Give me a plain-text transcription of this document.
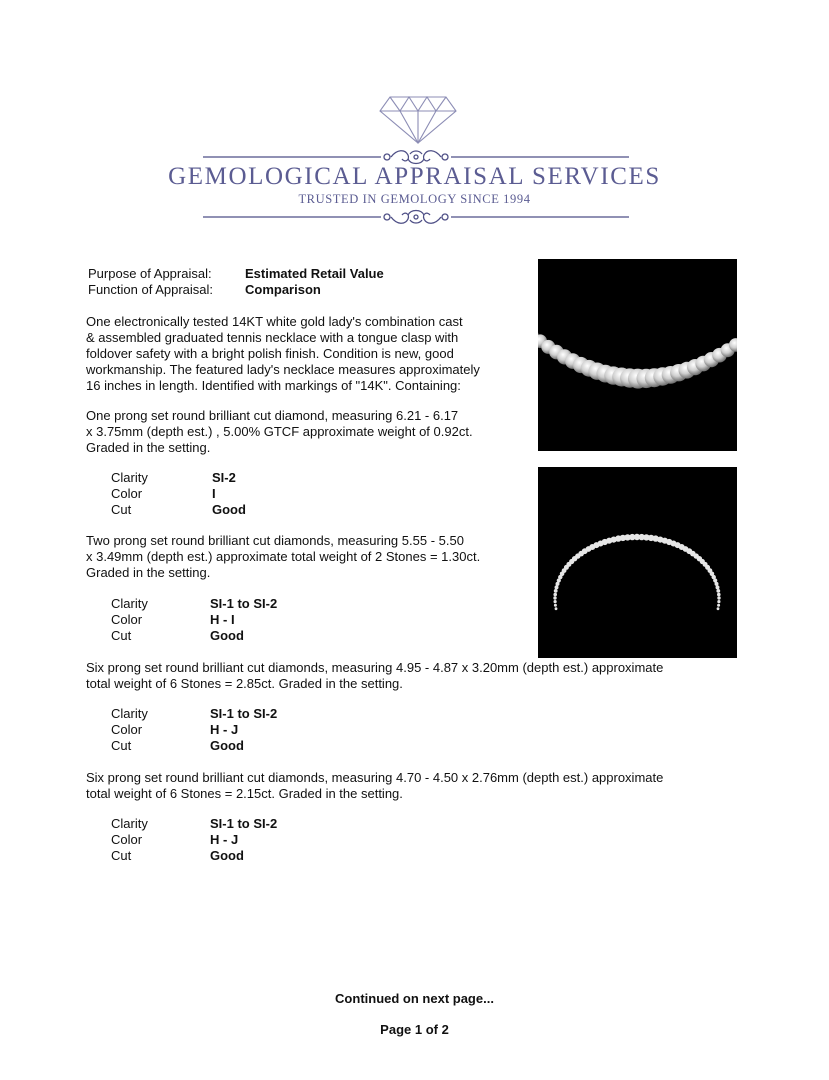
GEMOLOGICAL APPRAISAL SERVICES
TRUSTED IN GEMOLOGY SINCE 1994
Purpose of Appraisal:	Estimated Retail Value
Function of Appraisal: Comparison
One electronically tested 14KT white gold lady's combination cast
& assembled graduated tennis necklace with a tongue clasp with
foldover safety with a bright polish finish. Condition is new, good
workmanship. The featured lady's necklace measures approximately
16 inches in length. Identified with markings of "14K". Containing:
One prong set round brilliant cut diamond, measuring 6.21 - 6.17
x 3.75mm (depth est.) , 5.00% GTCF approximate weight of 0.92ct.
Graded in the setting.
Clarity	SI-2
Color	I
Cut	Good
Two prong set round brilliant cut diamonds, measuring 5.55 - 5.50
x 3.49mm (depth est.) approximate total weight of 2 Stones = 1.30ct.
Graded in the setting.
Clarity	SI-1 to SI-2
Color	H - I
Cut	Good
Six prong set round brilliant cut diamonds, measuring 4.95 - 4.87 x 3.20mm (depth est.) approximate
total weight of 6 Stones = 2.85ct. Graded in the setting.
Clarity	SI-1 to SI-2
Color	H - J
Cut	Good
Six prong set round brilliant cut diamonds, measuring 4.70 - 4.50 x 2.76mm (depth est.) approximate
total weight of 6 Stones = 2.15ct. Graded in the setting.
Clarity	SI-1 to SI-2
Color	H - J
Cut	Good
Continued on next page...
Page 1 of 2
